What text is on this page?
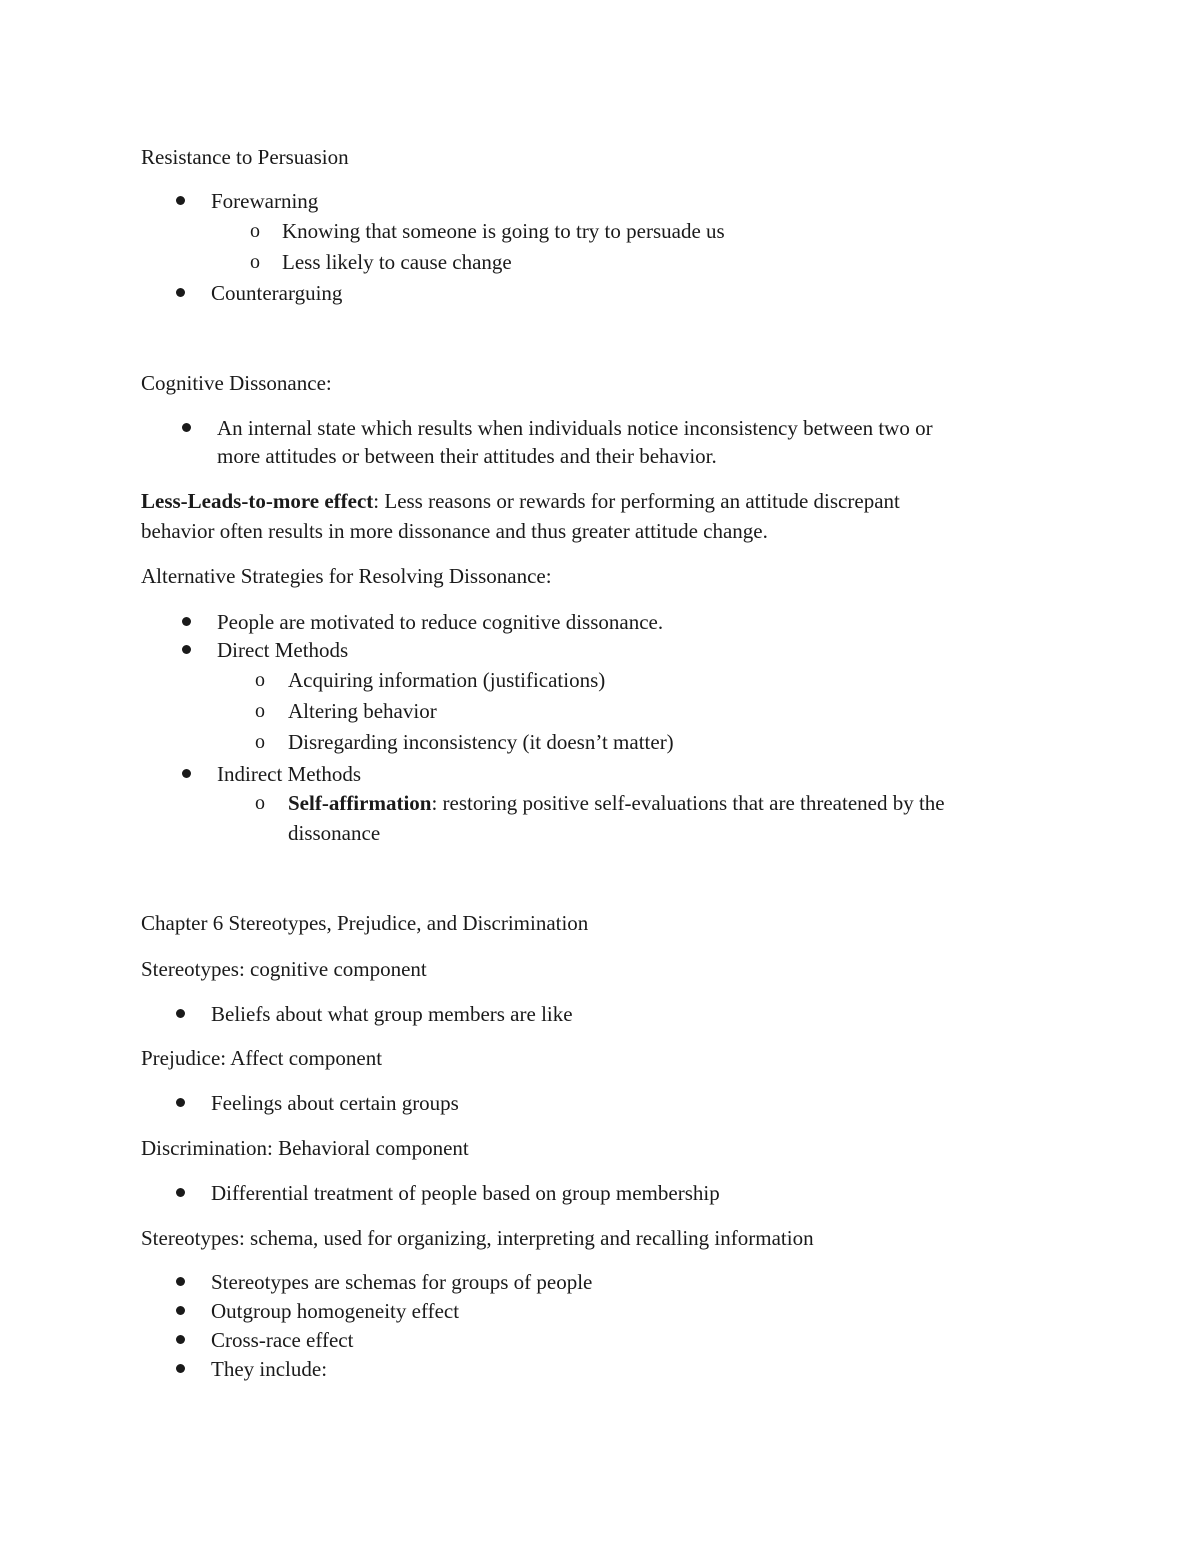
Resistance to Persuasion
Forewarning
o Knowing that someone is going to try to persuade us
o Less likely to cause change
Counterarguing
Cognitive Dissonance:
An internal state which results when individuals notice inconsistency between two or
more attitudes or between their attitudes and their behavior.
Less-Leads-to-more effect: Less reasons or rewards for performing an attitude discrepant
behavior often results in more dissonance and thus greater attitude change.
Alternative Strategies for Resolving Dissonance:
People are motivated to reduce cognitive dissonance.
Direct Methods
o Acquiring information (justifications)
o Altering behavior
o Disregarding inconsistency (it doesn’t matter)
Indirect Methods
o Self-affirmation: restoring positive self-evaluations that are threatened by the
dissonance
Chapter 6 Stereotypes, Prejudice, and Discrimination
Stereotypes: cognitive component
Beliefs about what group members are like
Prejudice: Affect component
Feelings about certain groups
Discrimination: Behavioral component
Differential treatment of people based on group membership
Stereotypes: schema, used for organizing, interpreting and recalling information
Stereotypes are schemas for groups of people
Outgroup homogeneity effect
Cross-race effect
They include:
